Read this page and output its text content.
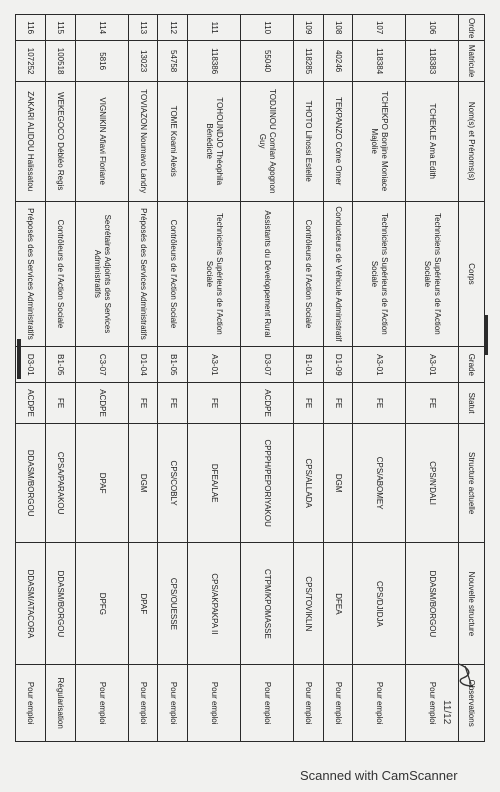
Ordre	Matricule	Nom(s) et Prénoms(s)	Corps	Grade	Statut	Structure actuelle	Nouvelle structure	Observations
106	118383	TCHEKLE Ama Edith	Techniciens Supérieurs de l'Action Sociale	A3-01	FE	CPS/N'DALI	DDASM/BORGOU	Pour emploi
107	118384	TCHEKPO Bonjine Moniace Majolie	Techniciens Supérieurs de l'Action Sociale	A3-01	FE	CPS/ABOMEY	CPS/DJIDJA	Pour emploi
108	40246	TEKPANZO Côme Omer	Conducteurs de Véhicule Administratif	D1-09	FE	DGM	DFEA	Pour emploi
109	118285	THOTO Lihossi Estelle	Contrôleurs de l'Action Sociale	B1-01	FE	CPS/ALLADA	CPS/TOVIKLIN	Pour emploi
110	55040	TODJINOU Comlan Agognon Guy	Assistants du Développement Rural	D3-07	ACDPE	CPPPH/PEPORIYAKOU	CTPM/KPOMASSE	Pour emploi
111	118386	TOHOUNDJO Théophila Bénédicte	Techniciens Supérieurs de l'Action Sociale	A3-01	FE	DFEA/LAE	CPS/AKPAKPA II	Pour emploi
112	54758	TOME Koami Alexis	Contrôleurs de l'Action Sociale	B1-05	FE	CPS/COBLY	CPS/OUESSE	Pour emploi
113	13023	TOVIAZON Noumavo Landry	Préposés des Services Administratifs	D1-04	FE	DGM	DPAF	Pour emploi
114	5816	VIGNIKIN Afiavi Floriane	Secrétaires Adjoints des Services Administratifs	C3-07	ACDPE	DPAF	DPFG	Pour emploi
115	100518	WEKEGOCO Débléo Regis	Contrôleurs de l'Action Sociale	B1-05	FE	CPSA/PARAKOU	DDASM/BORGOU	Régularisation
116	107252	ZAKARI ALIDOU Halissatou	Préposés des Services Administratifs	D3-01	ACDPE	DDASM/BORGOU	DDASM/ATACORA	Pour emploi	11/12
Scanned with CamScanner
